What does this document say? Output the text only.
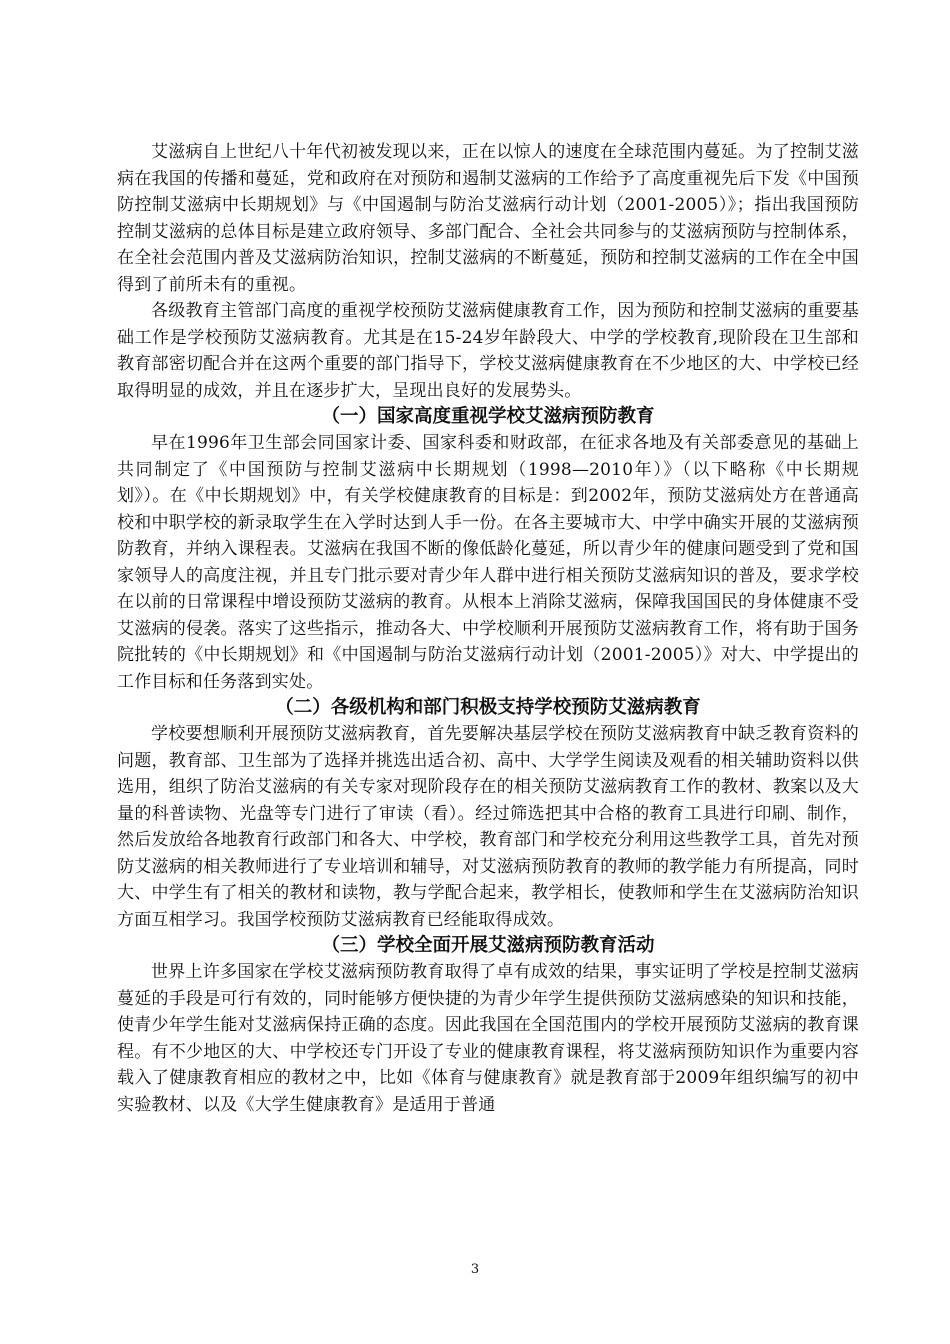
艾滋病自上世纪八十年代初被发现以来，正在以惊人的速度在全球范围内蔓延。为了控制艾滋病在我国的传播和蔓延，党和政府在对预防和遏制艾滋病的工作给予了高度重视先后下发《中国预防控制艾滋病中长期规划》与《中国遏制与防治艾滋病行动计划（2001-2005）》；指出我国预防控制艾滋病的总体目标是建立政府领导、多部门配合、全社会共同参与的艾滋病预防与控制体系，在全社会范围内普及艾滋病防治知识，控制艾滋病的不断蔓延，预防和控制艾滋病的工作在全中国得到了前所未有的重视。

各级教育主管部门高度的重视学校预防艾滋病健康教育工作，因为预防和控制艾滋病的重要基础工作是学校预防艾滋病教育。尤其是在15-24岁年龄段大、中学的学校教育,现阶段在卫生部和教育部密切配合并在这两个重要的部门指导下，学校艾滋病健康教育在不少地区的大、中学校已经取得明显的成效，并且在逐步扩大，呈现出良好的发展势头。

（一）国家高度重视学校艾滋病预防教育

早在1996年卫生部会同国家计委、国家科委和财政部，在征求各地及有关部委意见的基础上共同制定了《中国预防与控制艾滋病中长期规划（1998—2010年）》（以下略称《中长期规划》）。在《中长期规划》中，有关学校健康教育的目标是：到2002年，预防艾滋病处方在普通高校和中职学校的新录取学生在入学时达到人手一份。在各主要城市大、中学中确实开展的艾滋病预防教育，并纳入课程表。艾滋病在我国不断的像低龄化蔓延，所以青少年的健康问题受到了党和国家领导人的高度注视，并且专门批示要对青少年人群中进行相关预防艾滋病知识的普及，要求学校在以前的日常课程中增设预防艾滋病的教育。从根本上消除艾滋病，保障我国国民的身体健康不受艾滋病的侵袭。落实了这些指示，推动各大、中学校顺利开展预防艾滋病教育工作，将有助于国务院批转的《中长期规划》和《中国遏制与防治艾滋病行动计划（2001-2005）》对大、中学提出的工作目标和任务落到实处。

（二）各级机构和部门积极支持学校预防艾滋病教育

学校要想顺利开展预防艾滋病教育，首先要解决基层学校在预防艾滋病教育中缺乏教育资料的问题，教育部、卫生部为了选择并挑选出适合初、高中、大学学生阅读及观看的相关辅助资料以供选用，组织了防治艾滋病的有关专家对现阶段存在的相关预防艾滋病教育工作的教材、教案以及大量的科普读物、光盘等专门进行了审读（看）。经过筛选把其中合格的教育工具进行印刷、制作，然后发放给各地教育行政部门和各大、中学校，教育部门和学校充分利用这些教学工具，首先对预防艾滋病的相关教师进行了专业培训和辅导，对艾滋病预防教育的教师的教学能力有所提高，同时大、中学生有了相关的教材和读物，教与学配合起来，教学相长，使教师和学生在艾滋病防治知识方面互相学习。我国学校预防艾滋病教育已经能取得成效。

（三）学校全面开展艾滋病预防教育活动

世界上许多国家在学校艾滋病预防教育取得了卓有成效的结果，事实证明了学校是控制艾滋病蔓延的手段是可行有效的，同时能够方便快捷的为青少年学生提供预防艾滋病感染的知识和技能，使青少年学生能对艾滋病保持正确的态度。因此我国在全国范围内的学校开展预防艾滋病的教育课程。有不少地区的大、中学校还专门开设了专业的健康教育课程，将艾滋病预防知识作为重要内容载入了健康教育相应的教材之中，比如《体育与健康教育》就是教育部于2009年组织编写的初中实验教材、以及《大学生健康教育》是适用于普通

3
